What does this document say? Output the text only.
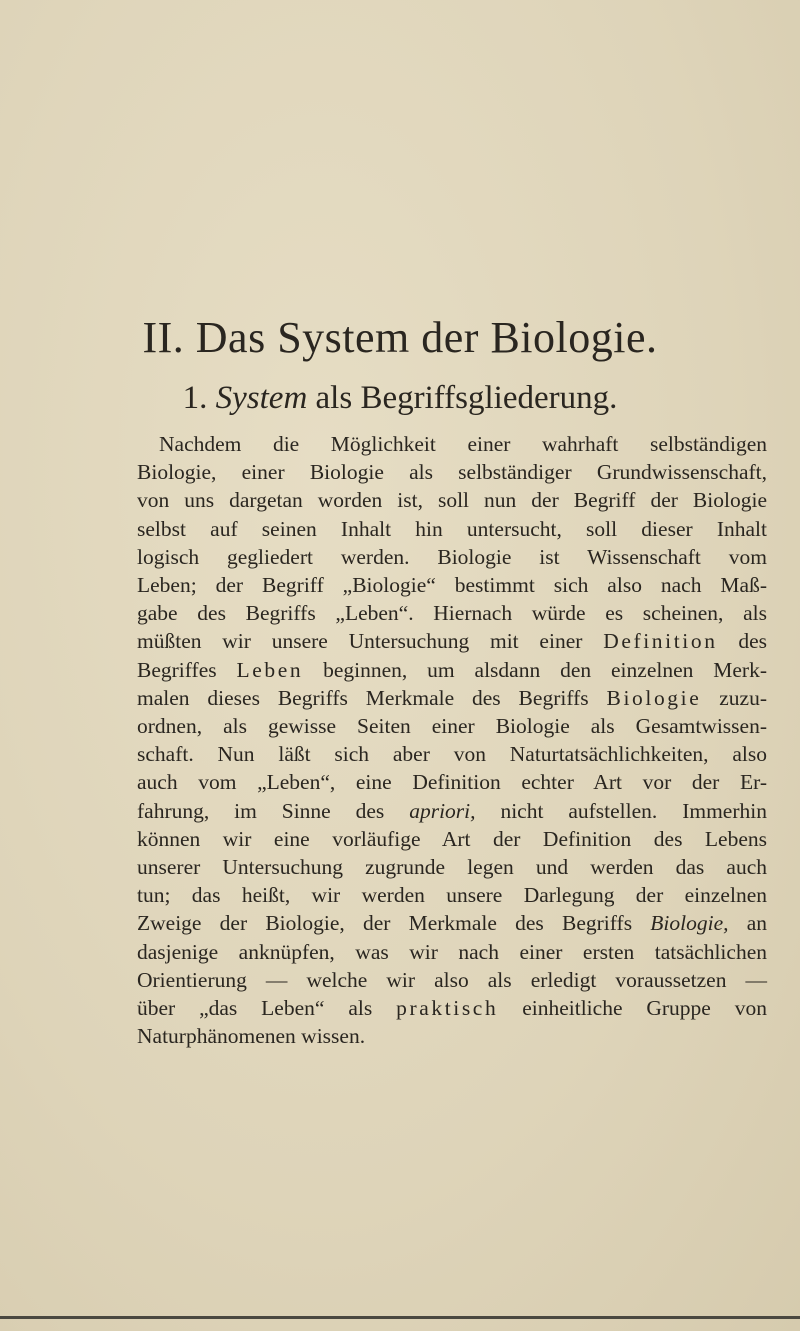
II. Das System der Biologie.
1. System als Begriffsgliederung.
Nachdem die Möglichkeit einer wahrhaft selbständigen
Biologie, einer Biologie als selbständiger Grundwissenschaft,
von uns dargetan worden ist, soll nun der Begriff der Biologie
selbst auf seinen Inhalt hin untersucht, soll dieser Inhalt
logisch gegliedert werden. Biologie ist Wissenschaft vom
Leben; der Begriff „Biologie“ bestimmt sich also nach Maß-
gabe des Begriffs „Leben“. Hiernach würde es scheinen, als
müßten wir unsere Untersuchung mit einer Definition des
Begriffes Leben beginnen, um alsdann den einzelnen Merk-
malen dieses Begriffs Merkmale des Begriffs Biologie zuzu-
ordnen, als gewisse Seiten einer Biologie als Gesamtwissen-
schaft. Nun läßt sich aber von Naturtatsächlichkeiten, also
auch vom „Leben“, eine Definition echter Art vor der Er-
fahrung, im Sinne des apriori, nicht aufstellen. Immerhin
können wir eine vorläufige Art der Definition des Lebens
unserer Untersuchung zugrunde legen und werden das auch
tun; das heißt, wir werden unsere Darlegung der einzelnen
Zweige der Biologie, der Merkmale des Begriffs Biologie, an
dasjenige anknüpfen, was wir nach einer ersten tatsächlichen
Orientierung — welche wir also als erledigt voraussetzen —
über „das Leben“ als praktisch einheitliche Gruppe von
Naturphänomenen wissen.
